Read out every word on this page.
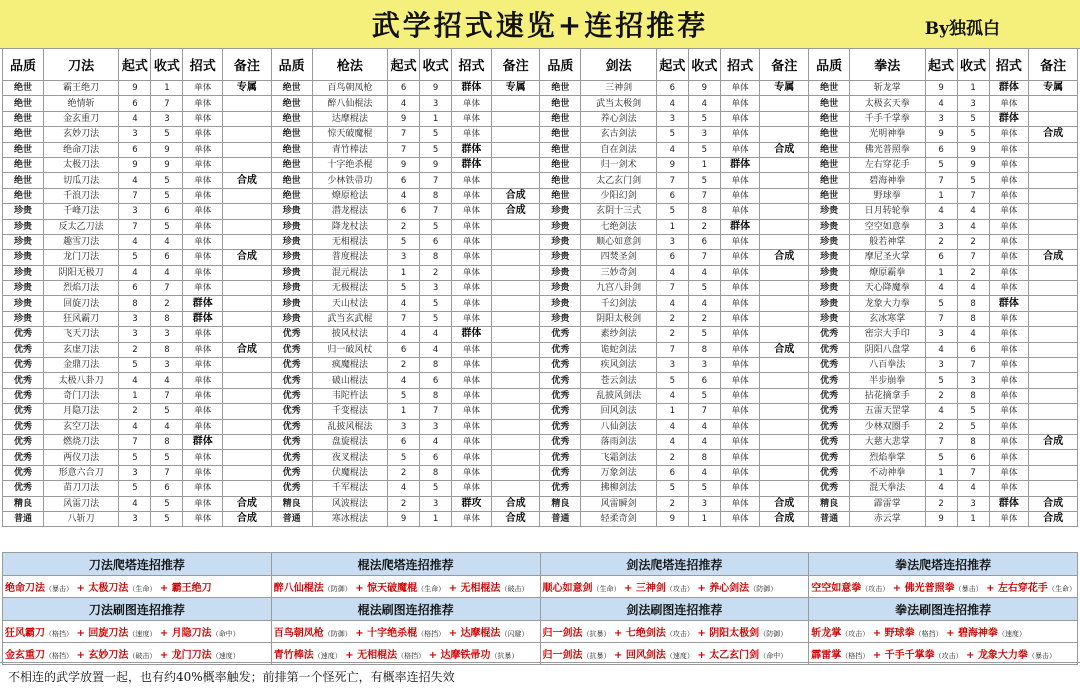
武学招式速览+连招推荐	By独孤白
品质	刀法	起式	收式	招式	备注	品质	枪法	起式	收式	招式	备注	品质	剑法	起式	收式	招式	备注	品质	拳法	起式	收式	招式	备注
绝世	霸王绝刀	9	1	单体	专属	绝世	百鸟朝凤枪	6	9	群体	专属	绝世	三神剑	6	9	单体	专属	绝世	斩龙掌	9	1	群体	专属
绝世	绝情斩	6	7	单体		绝世	醉八仙棍法	4	3	单体		绝世	武当太极剑	4	4	单体		绝世	太极玄天拳	4	3	单体	
绝世	金玄重刀	4	3	单体		绝世	达摩棍法	9	1	单体		绝世	养心剑法	3	5	单体		绝世	千手千掌拳	3	5	群体	
绝世	玄妙刀法	3	5	单体		绝世	惊天破魔棍	7	5	单体		绝世	玄古剑法	5	3	单体		绝世	光明神拳	9	5	单体	合成
绝世	绝命刀法	6	9	单体		绝世	青竹棒法	7	5	群体		绝世	自在剑法	4	5	单体	合成	绝世	佛光普照拳	6	9	单体	
绝世	太极刀法	9	9	单体		绝世	十字绝杀棍	9	9	群体		绝世	归一剑术	9	1	群体		绝世	左右穿花手	5	9	单体	
绝世	切瓜刀法	4	5	单体	合成	绝世	少林铁帚功	6	7	单体		绝世	太乙玄门剑	7	5	单体		绝世	碧海神拳	7	5	单体	
绝世	千浪刀法	7	5	单体		绝世	燎原枪法	4	8	单体	合成	绝世	少阳幻剑	6	7	单体		绝世	野球拳	1	7	单体	
珍贵	千峰刀法	3	6	单体		珍贵	潜龙棍法	6	7	单体	合成	珍贵	玄阴十三式	5	8	单体		珍贵	日月转轮拳	4	4	单体	
珍贵	反太乙刀法	7	5	单体		珍贵	降龙杖法	2	5	单体		珍贵	七绝剑法	1	2	群体		珍贵	空空如意拳	3	4	单体	
珍贵	趣雪刀法	4	4	单体		珍贵	无相棍法	5	6	单体		珍贵	顺心如意剑	3	6	单体		珍贵	般若神掌	2	2	单体	
珍贵	龙门刀法	5	6	单体	合成	珍贵	普度棍法	3	8	单体		珍贵	四焚圣剑	6	7	单体	合成	珍贵	摩尼圣火掌	6	7	单体	合成
珍贵	阴阳无极刀	4	4	单体		珍贵	混元棍法	1	2	单体		珍贵	三妙奇剑	4	4	单体		珍贵	燎原霸拳	1	2	单体	
珍贵	烈焰刀法	6	7	单体		珍贵	无极棍法	5	3	单体		珍贵	九宫八卦剑	7	5	单体		珍贵	天心降魔拳	4	4	单体	
珍贵	回旋刀法	8	2	群体		珍贵	天山杖法	4	5	单体		珍贵	千幻剑法	4	4	单体		珍贵	龙象大力拳	5	8	群体	
珍贵	狂风霸刀	3	8	群体		珍贵	武当玄武棍	7	5	单体		珍贵	阴阳太极剑	2	2	单体		珍贵	玄冰寒掌	7	8	单体	
优秀	飞天刀法	3	3	单体		优秀	披风杖法	4	4	群体		优秀	素纱剑法	2	5	单体		优秀	密宗大手印	3	4	单体	
优秀	玄虚刀法	2	8	单体	合成	优秀	归一破风杖	6	4	单体		优秀	诡蛇剑法	7	8	单体	合成	优秀	阴阳八盘掌	4	6	单体	
优秀	金鼎刀法	5	3	单体		优秀	疯魔棍法	2	8	单体		优秀	疾风剑法	3	3	单体		优秀	八百拳法	3	7	单体	
优秀	太极八卦刀	4	4	单体		优秀	破山棍法	4	6	单体		优秀	苍云剑法	5	6	单体		优秀	半步崩拳	5	3	单体	
优秀	奇门刀法	1	7	单体		优秀	韦陀杵法	5	8	单体		优秀	乱披风剑法	4	5	单体		优秀	拈花摘拿手	2	8	单体	
优秀	月隐刀法	2	5	单体		优秀	千变棍法	1	7	单体		优秀	回风剑法	1	7	单体		优秀	五雷天罡掌	4	5	单体	
优秀	玄空刀法	4	4	单体		优秀	乱披风棍法	3	3	单体		优秀	八仙剑法	4	4	单体		优秀	少林双圈手	2	5	单体	
优秀	燃烧刀法	7	8	群体		优秀	盘旋棍法	6	4	单体		优秀	落雨剑法	4	4	单体		优秀	大慈大悲掌	7	8	单体	合成
优秀	两仪刀法	5	5	单体		优秀	夜叉棍法	5	6	单体		优秀	飞霜剑法	2	8	单体		优秀	烈焰拳掌	5	6	单体	
优秀	形意六合刀	3	7	单体		优秀	伏魔棍法	2	8	单体		优秀	万象剑法	6	4	单体		优秀	不动神拳	1	7	单体	
优秀	苗刀刀法	5	6	单体		优秀	千军棍法	4	5	单体		优秀	拂柳剑法	5	5	单体		优秀	混天拳法	4	4	单体	
精良	风雷刀法	4	5	单体	合成	精良	风波棍法	2	3	群攻	合成	精良	风雷瞬剑	2	3	单体	合成	精良	霹雷掌	2	3	群体	合成
普通	八斩刀	3	5	单体	合成	普通	寒冰棍法	9	1	单体	合成	普通	轻柔奇剑	9	1	单体	合成	普通	赤云掌	9	1	单体	合成
刀法爬塔连招推荐	棍法爬塔连招推荐	剑法爬塔连招推荐	拳法爬塔连招推荐
绝命刀法（暴击） + 太极刀法（生命） + 霸王绝刀	醉八仙棍法（防御） + 惊天破魔棍（生命） + 无相棍法（破击）	顺心如意剑（生命） + 三神剑（攻击） + 养心剑法（防御）	空空如意拳（攻击） + 佛光普照拳（暴击） + 左右穿花手（生命）
刀法刷图连招推荐	棍法刷图连招推荐	剑法刷图连招推荐	拳法刷图连招推荐
狂风霸刀（格挡） + 回旋刀法（速度） + 月隐刀法（命中）	百鸟朝凤枪（防御） + 十字绝杀棍（格挡） + 达摩棍法（闪避）	归一剑法（抗暴） + 七绝剑法（攻击） + 阴阳太极剑（防御）	斩龙掌（攻击） + 野球拳（格挡） + 碧海神拳（速度）
金玄重刀（格挡） + 玄妙刀法（破击） + 龙门刀法（速度）	青竹棒法（速度） + 无相棍法（格挡） + 达摩铁帚功（抗暴）	归一剑法（抗暴） + 回风剑法（速度） + 太乙玄门剑（命中）	霹雷掌（格挡） + 千手千掌拳（攻击） + 龙象大力拳（暴击）
不相连的武学放置一起，也有约40%概率触发；前排第一个怪死亡，有概率连招失效
